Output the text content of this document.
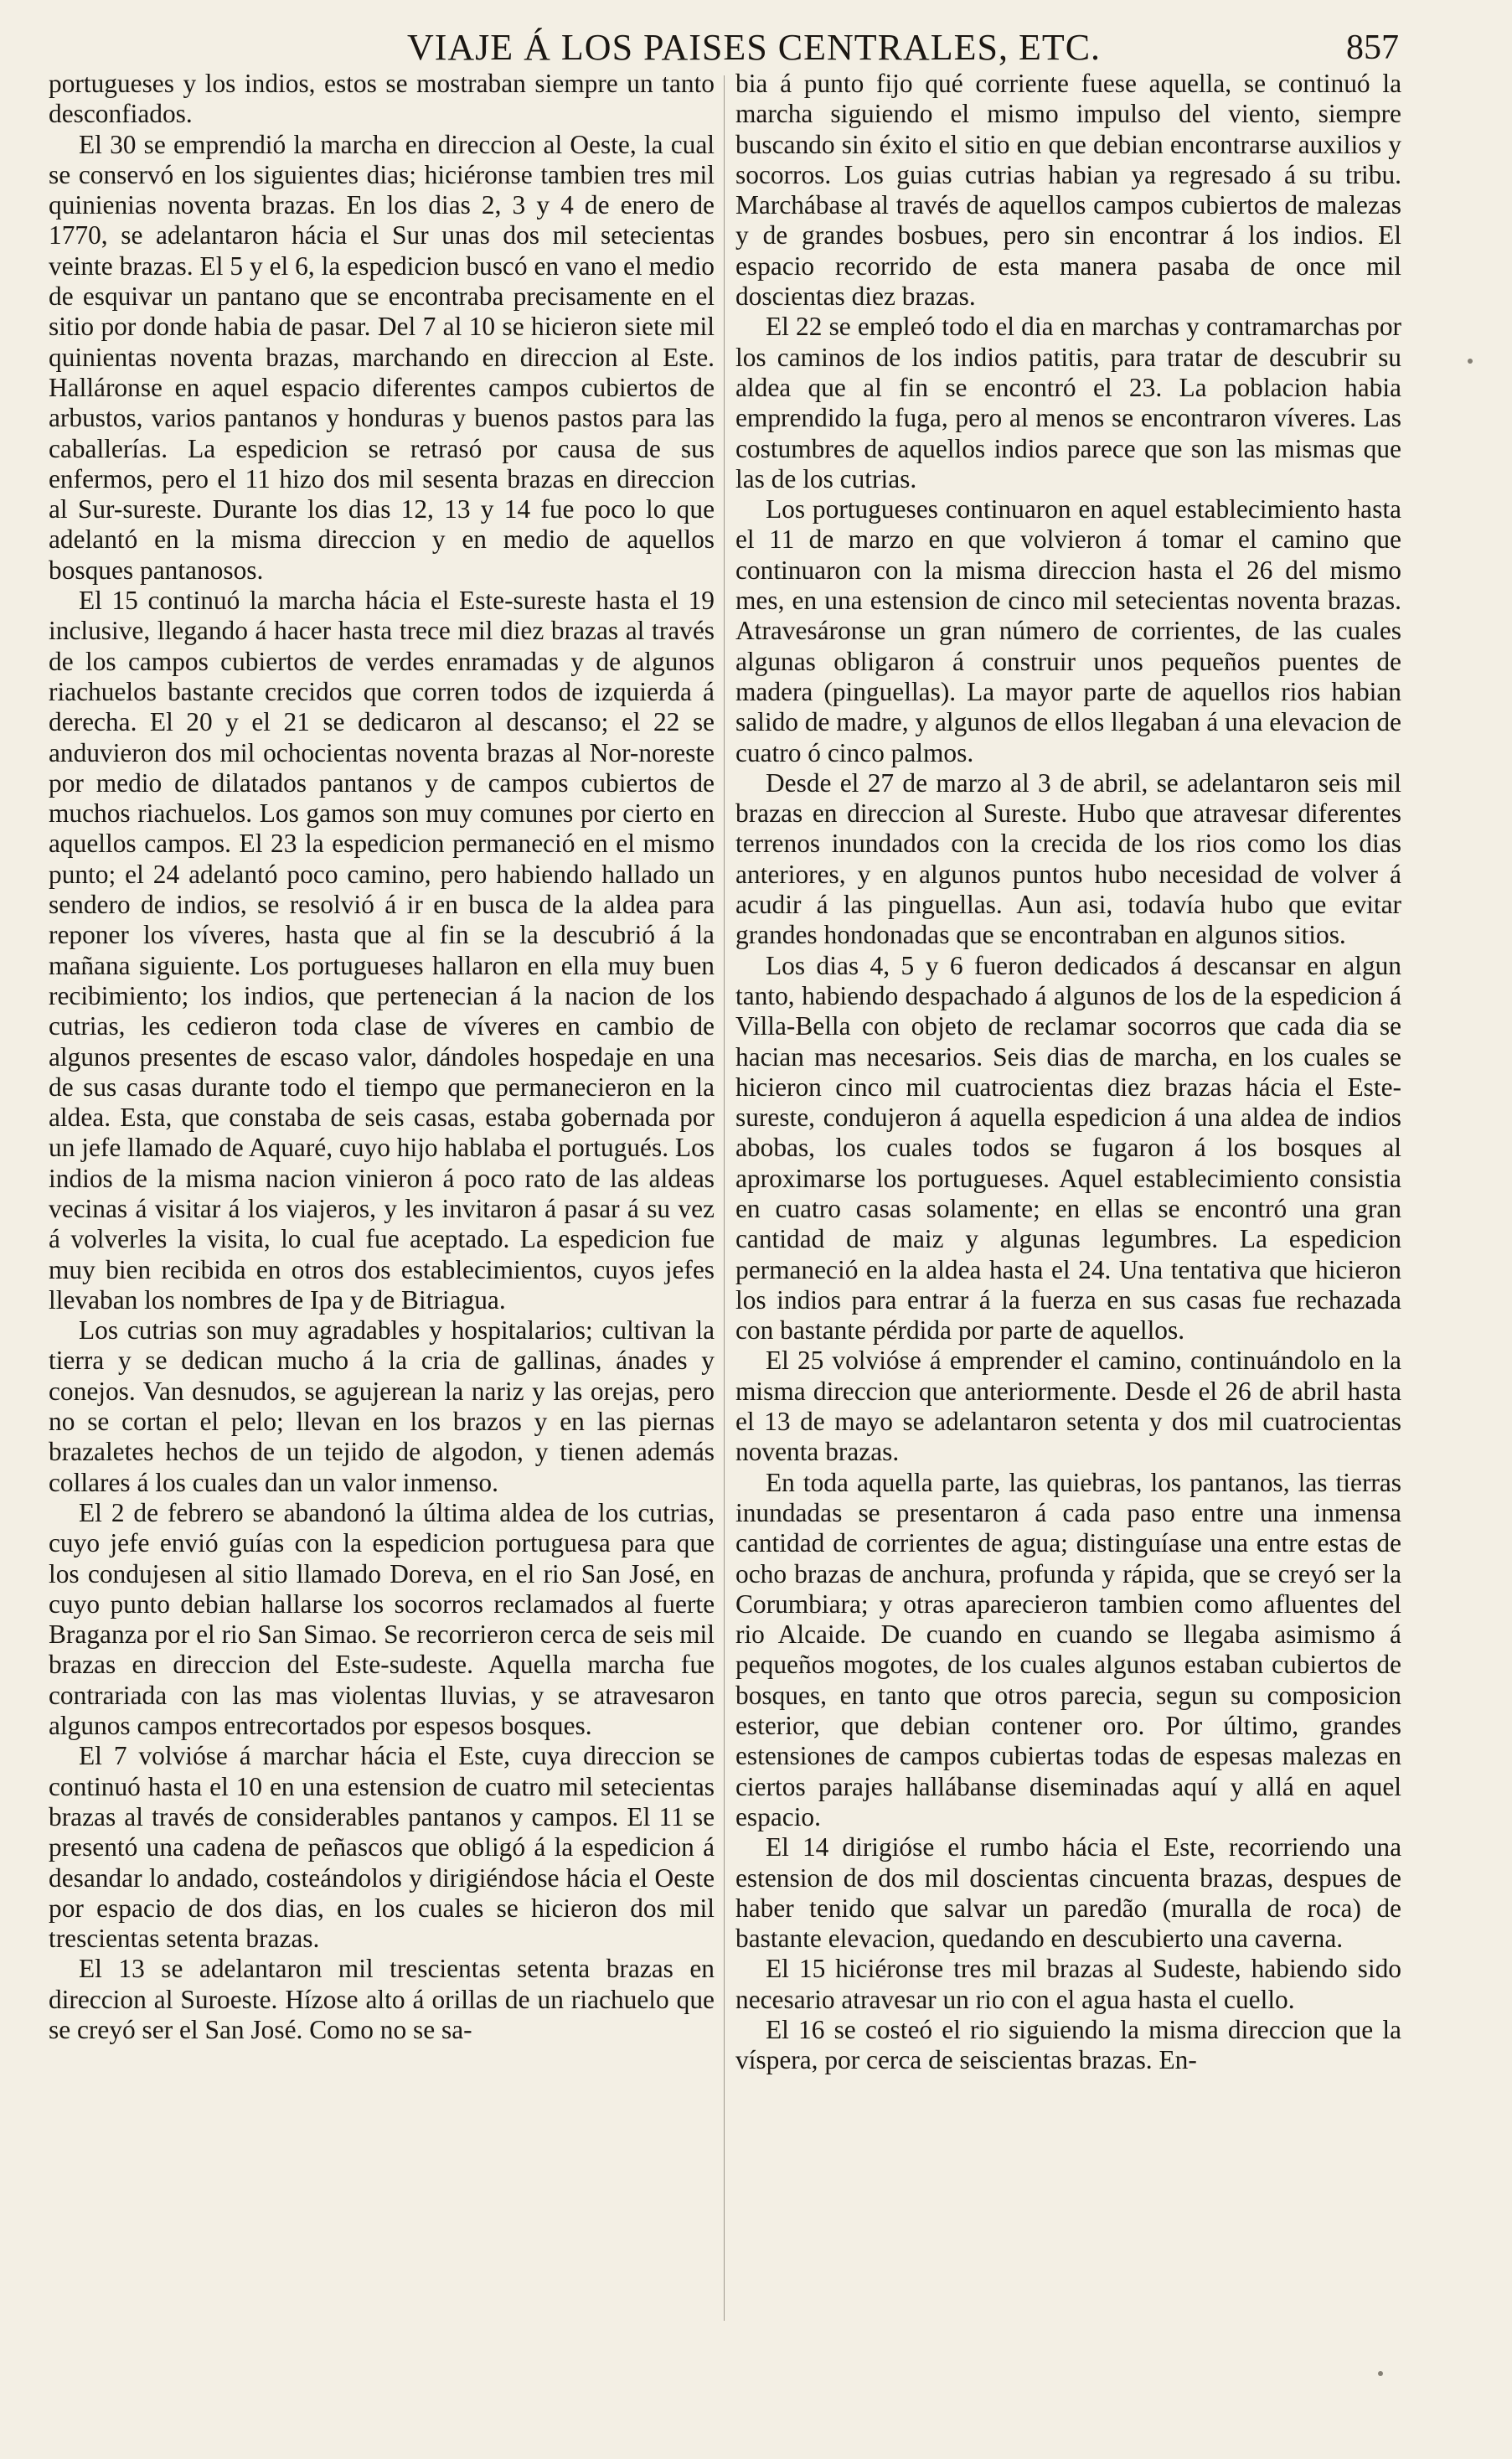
VIAJE Á LOS PAISES CENTRALES, ETC.	857

portugueses y los indios, estos se mostraban siempre un tanto desconfiados.

El 30 se emprendió la marcha en direccion al Oeste, la cual se conservó en los siguientes dias; hiciéronse tambien tres mil quinienias noventa brazas. En los dias 2, 3 y 4 de enero de 1770, se adelantaron hácia el Sur unas dos mil setecientas veinte brazas. El 5 y el 6, la espedicion buscó en vano el medio de esquivar un pantano que se encontraba precisamente en el sitio por donde habia de pasar. Del 7 al 10 se hicieron siete mil quinientas noventa brazas, marchando en direccion al Este. Halláronse en aquel espacio diferentes campos cubiertos de arbustos, varios pantanos y honduras y buenos pastos para las caballerías. La espedicion se retrasó por causa de sus enfermos, pero el 11 hizo dos mil sesenta brazas en direccion al Sur-sureste. Durante los dias 12, 13 y 14 fue poco lo que adelantó en la misma direccion y en medio de aquellos bosques pantanosos.

El 15 continuó la marcha hácia el Este-sureste hasta el 19 inclusive, llegando á hacer hasta trece mil diez brazas al través de los campos cubiertos de verdes enramadas y de algunos riachuelos bastante crecidos que corren todos de izquierda á derecha. El 20 y el 21 se dedicaron al descanso; el 22 se anduvieron dos mil ochocientas noventa brazas al Nor-noreste por medio de dilatados pantanos y de campos cubiertos de muchos riachuelos. Los gamos son muy comunes por cierto en aquellos campos. El 23 la espedicion permaneció en el mismo punto; el 24 adelantó poco camino, pero habiendo hallado un sendero de indios, se resolvió á ir en busca de la aldea para reponer los víveres, hasta que al fin se la descubrió á la mañana siguiente. Los portugueses hallaron en ella muy buen recibimiento; los indios, que pertenecian á la nacion de los cutrias, les cedieron toda clase de víveres en cambio de algunos presentes de escaso valor, dándoles hospedaje en una de sus casas durante todo el tiempo que permanecieron en la aldea. Esta, que constaba de seis casas, estaba gobernada por un jefe llamado de Aquaré, cuyo hijo hablaba el portugués. Los indios de la misma nacion vinieron á poco rato de las aldeas vecinas á visitar á los viajeros, y les invitaron á pasar á su vez á volverles la visita, lo cual fue aceptado. La espedicion fue muy bien recibida en otros dos establecimientos, cuyos jefes llevaban los nombres de Ipa y de Bitriagua.

Los cutrias son muy agradables y hospitalarios; cultivan la tierra y se dedican mucho á la cria de gallinas, ánades y conejos. Van desnudos, se agujerean la nariz y las orejas, pero no se cortan el pelo; llevan en los brazos y en las piernas brazaletes hechos de un tejido de algodon, y tienen además collares á los cuales dan un valor inmenso.

El 2 de febrero se abandonó la última aldea de los cutrias, cuyo jefe envió guías con la espedicion portuguesa para que los condujesen al sitio llamado Doreva, en el rio San José, en cuyo punto debian hallarse los socorros reclamados al fuerte Braganza por el rio San Simao. Se recorrieron cerca de seis mil brazas en direccion del Este-sudeste. Aquella marcha fue contrariada con las mas violentas lluvias, y se atravesaron algunos campos entrecortados por espesos bosques.

El 7 volvióse á marchar hácia el Este, cuya direccion se continuó hasta el 10 en una estension de cuatro mil setecientas brazas al través de considerables pantanos y campos. El 11 se presentó una cadena de peñascos que obligó á la espedicion á desandar lo andado, costeándolos y dirigiéndose hácia el Oeste por espacio de dos dias, en los cuales se hicieron dos mil trescientas setenta brazas.

El 13 se adelantaron mil trescientas setenta brazas en direccion al Suroeste. Hízose alto á orillas de un riachuelo que se creyó ser el San José. Como no se sa-

bia á punto fijo qué corriente fuese aquella, se continuó la marcha siguiendo el mismo impulso del viento, siempre buscando sin éxito el sitio en que debian encontrarse auxilios y socorros. Los guias cutrias habian ya regresado á su tribu. Marchábase al través de aquellos campos cubiertos de malezas y de grandes bosbues, pero sin encontrar á los indios. El espacio recorrido de esta manera pasaba de once mil doscientas diez brazas.

El 22 se empleó todo el dia en marchas y contramarchas por los caminos de los indios patitis, para tratar de descubrir su aldea que al fin se encontró el 23. La poblacion habia emprendido la fuga, pero al menos se encontraron víveres. Las costumbres de aquellos indios parece que son las mismas que las de los cutrias.

Los portugueses continuaron en aquel establecimiento hasta el 11 de marzo en que volvieron á tomar el camino que continuaron con la misma direccion hasta el 26 del mismo mes, en una estension de cinco mil setecientas noventa brazas. Atravesáronse un gran número de corrientes, de las cuales algunas obligaron á construir unos pequeños puentes de madera (pinguellas). La mayor parte de aquellos rios habian salido de madre, y algunos de ellos llegaban á una elevacion de cuatro ó cinco palmos.

Desde el 27 de marzo al 3 de abril, se adelantaron seis mil brazas en direccion al Sureste. Hubo que atravesar diferentes terrenos inundados con la crecida de los rios como los dias anteriores, y en algunos puntos hubo necesidad de volver á acudir á las pinguellas. Aun asi, todavía hubo que evitar grandes hondonadas que se encontraban en algunos sitios.

Los dias 4, 5 y 6 fueron dedicados á descansar en algun tanto, habiendo despachado á algunos de los de la espedicion á Villa-Bella con objeto de reclamar socorros que cada dia se hacian mas necesarios. Seis dias de marcha, en los cuales se hicieron cinco mil cuatrocientas diez brazas hácia el Este-sureste, condujeron á aquella espedicion á una aldea de indios abobas, los cuales todos se fugaron á los bosques al aproximarse los portugueses. Aquel establecimiento consistia en cuatro casas solamente; en ellas se encontró una gran cantidad de maiz y algunas legumbres. La espedicion permaneció en la aldea hasta el 24. Una tentativa que hicieron los indios para entrar á la fuerza en sus casas fue rechazada con bastante pérdida por parte de aquellos.

El 25 volvióse á emprender el camino, continuándolo en la misma direccion que anteriormente. Desde el 26 de abril hasta el 13 de mayo se adelantaron setenta y dos mil cuatrocientas noventa brazas.

En toda aquella parte, las quiebras, los pantanos, las tierras inundadas se presentaron á cada paso entre una inmensa cantidad de corrientes de agua; distinguíase una entre estas de ocho brazas de anchura, profunda y rápida, que se creyó ser la Corumbiara; y otras aparecieron tambien como afluentes del rio Alcaide. De cuando en cuando se llegaba asimismo á pequeños mogotes, de los cuales algunos estaban cubiertos de bosques, en tanto que otros parecia, segun su composicion esterior, que debian contener oro. Por último, grandes estensiones de campos cubiertas todas de espesas malezas en ciertos parajes hallábanse diseminadas aquí y allá en aquel espacio.

El 14 dirigióse el rumbo hácia el Este, recorriendo una estension de dos mil doscientas cincuenta brazas, despues de haber tenido que salvar un paredão (muralla de roca) de bastante elevacion, quedando en descubierto una caverna.

El 15 hiciéronse tres mil brazas al Sudeste, habiendo sido necesario atravesar un rio con el agua hasta el cuello.

El 16 se costeó el rio siguiendo la misma direccion que la víspera, por cerca de seiscientas brazas. En-
